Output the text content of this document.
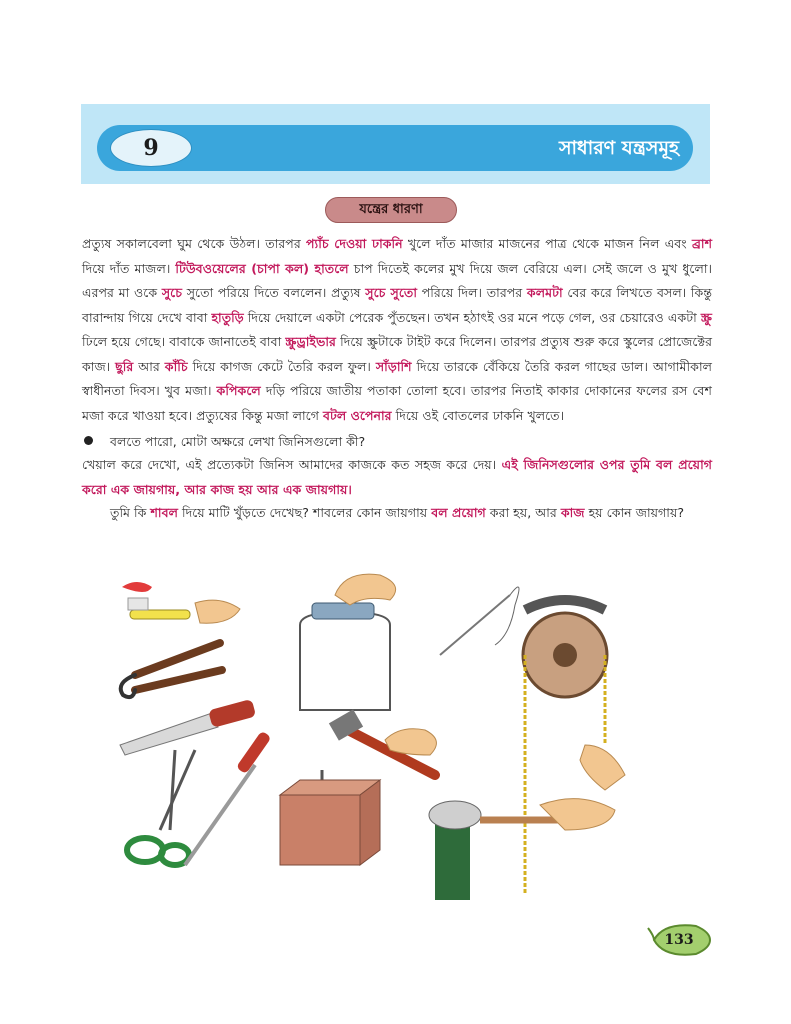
9	সাধারণ যন্ত্রসমূহ
যন্ত্রের ধারণা

প্রত্যুষ সকালবেলা ঘুম থেকে উঠল। তারপর প্যাঁচ দেওয়া ঢাকনি খুলে দাঁত মাজার মাজনের পাত্র থেকে মাজন নিল এবং ব্রাশ দিয়ে দাঁত মাজল। টিউবওয়েলের (চাপা কল) হাতলে চাপ দিতেই কলের মুখ দিয়ে জল বেরিয়ে এল। সেই জলে ও মুখ ধুলো। এরপর মা ওকে সুচে সুতো পরিয়ে দিতে বললেন। প্রত্যুষ সুচে সুতো পরিয়ে দিল। তারপর কলমটা বের করে লিখতে বসল। কিন্তু বারান্দায় গিয়ে দেখে বাবা হাতুড়ি দিয়ে দেয়ালে একটা পেরেক পুঁতছেন। তখন হঠাৎই ওর মনে পড়ে গেল, ওর চেয়ারেও একটা স্ক্রু ঢিলে হয়ে গেছে। বাবাকে জানাতেই বাবা স্ক্রুড্রাইভার দিয়ে স্ক্রুটাকে টাইট করে দিলেন। তারপর প্রত্যুষ শুরু করে স্কুলের প্রোজেক্টের কাজ। ছুরি আর কাঁচি দিয়ে কাগজ কেটে তৈরি করল ফুল। সাঁড়াশি দিয়ে তারকে বেঁকিয়ে তৈরি করল গাছের ডাল। আগামীকাল স্বাধীনতা দিবস। খুব মজা। কপিকলে দড়ি পরিয়ে জাতীয় পতাকা তোলা হবে। তারপর নিতাই কাকার দোকানের ফলের রস বেশ মজা করে খাওয়া হবে। প্রত্যুষের কিন্তু মজা লাগে বটল ওপেনার দিয়ে ওই বোতলের ঢাকনি খুলতে।

বলতে পারো, মোটা অক্ষরে লেখা জিনিসগুলো কী?

খেয়াল করে দেখো, এই প্রত্যেকটা জিনিস আমাদের কাজকে কত সহজ করে দেয়। এই জিনিসগুলোর ওপর তুমি বল প্রয়োগ করো এক জায়গায়, আর কাজ হয় আর এক জায়গায়।

তুমি কি শাবল দিয়ে মাটি খুঁড়তে দেখেছ? শাবলের কোন জায়গায় বল প্রয়োগ করা হয়, আর কাজ হয় কোন জায়গায়?

133
